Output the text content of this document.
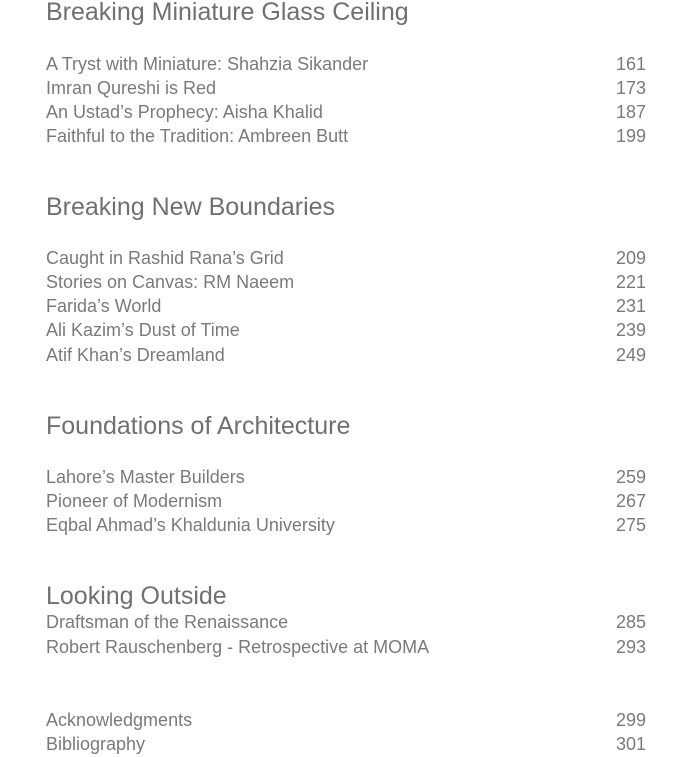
Breaking Miniature Glass Ceiling
A Tryst with Miniature: Shahzia Sikander	161
Imran Qureshi is Red	173
An Ustad’s Prophecy: Aisha Khalid	187
Faithful to the Tradition: Ambreen Butt	199
Breaking New Boundaries
Caught in Rashid Rana’s Grid	209
Stories on Canvas: RM Naeem	221
Farida’s World	231
Ali Kazim’s Dust of Time	239
Atif Khan’s Dreamland	249
Foundations of Architecture
Lahore’s Master Builders	259
Pioneer of Modernism	267
Eqbal Ahmad’s Khaldunia University	275
Looking Outside
Draftsman of the Renaissance	285
Robert Rauschenberg - Retrospective at MOMA	293
Acknowledgments	299
Bibliography	301
